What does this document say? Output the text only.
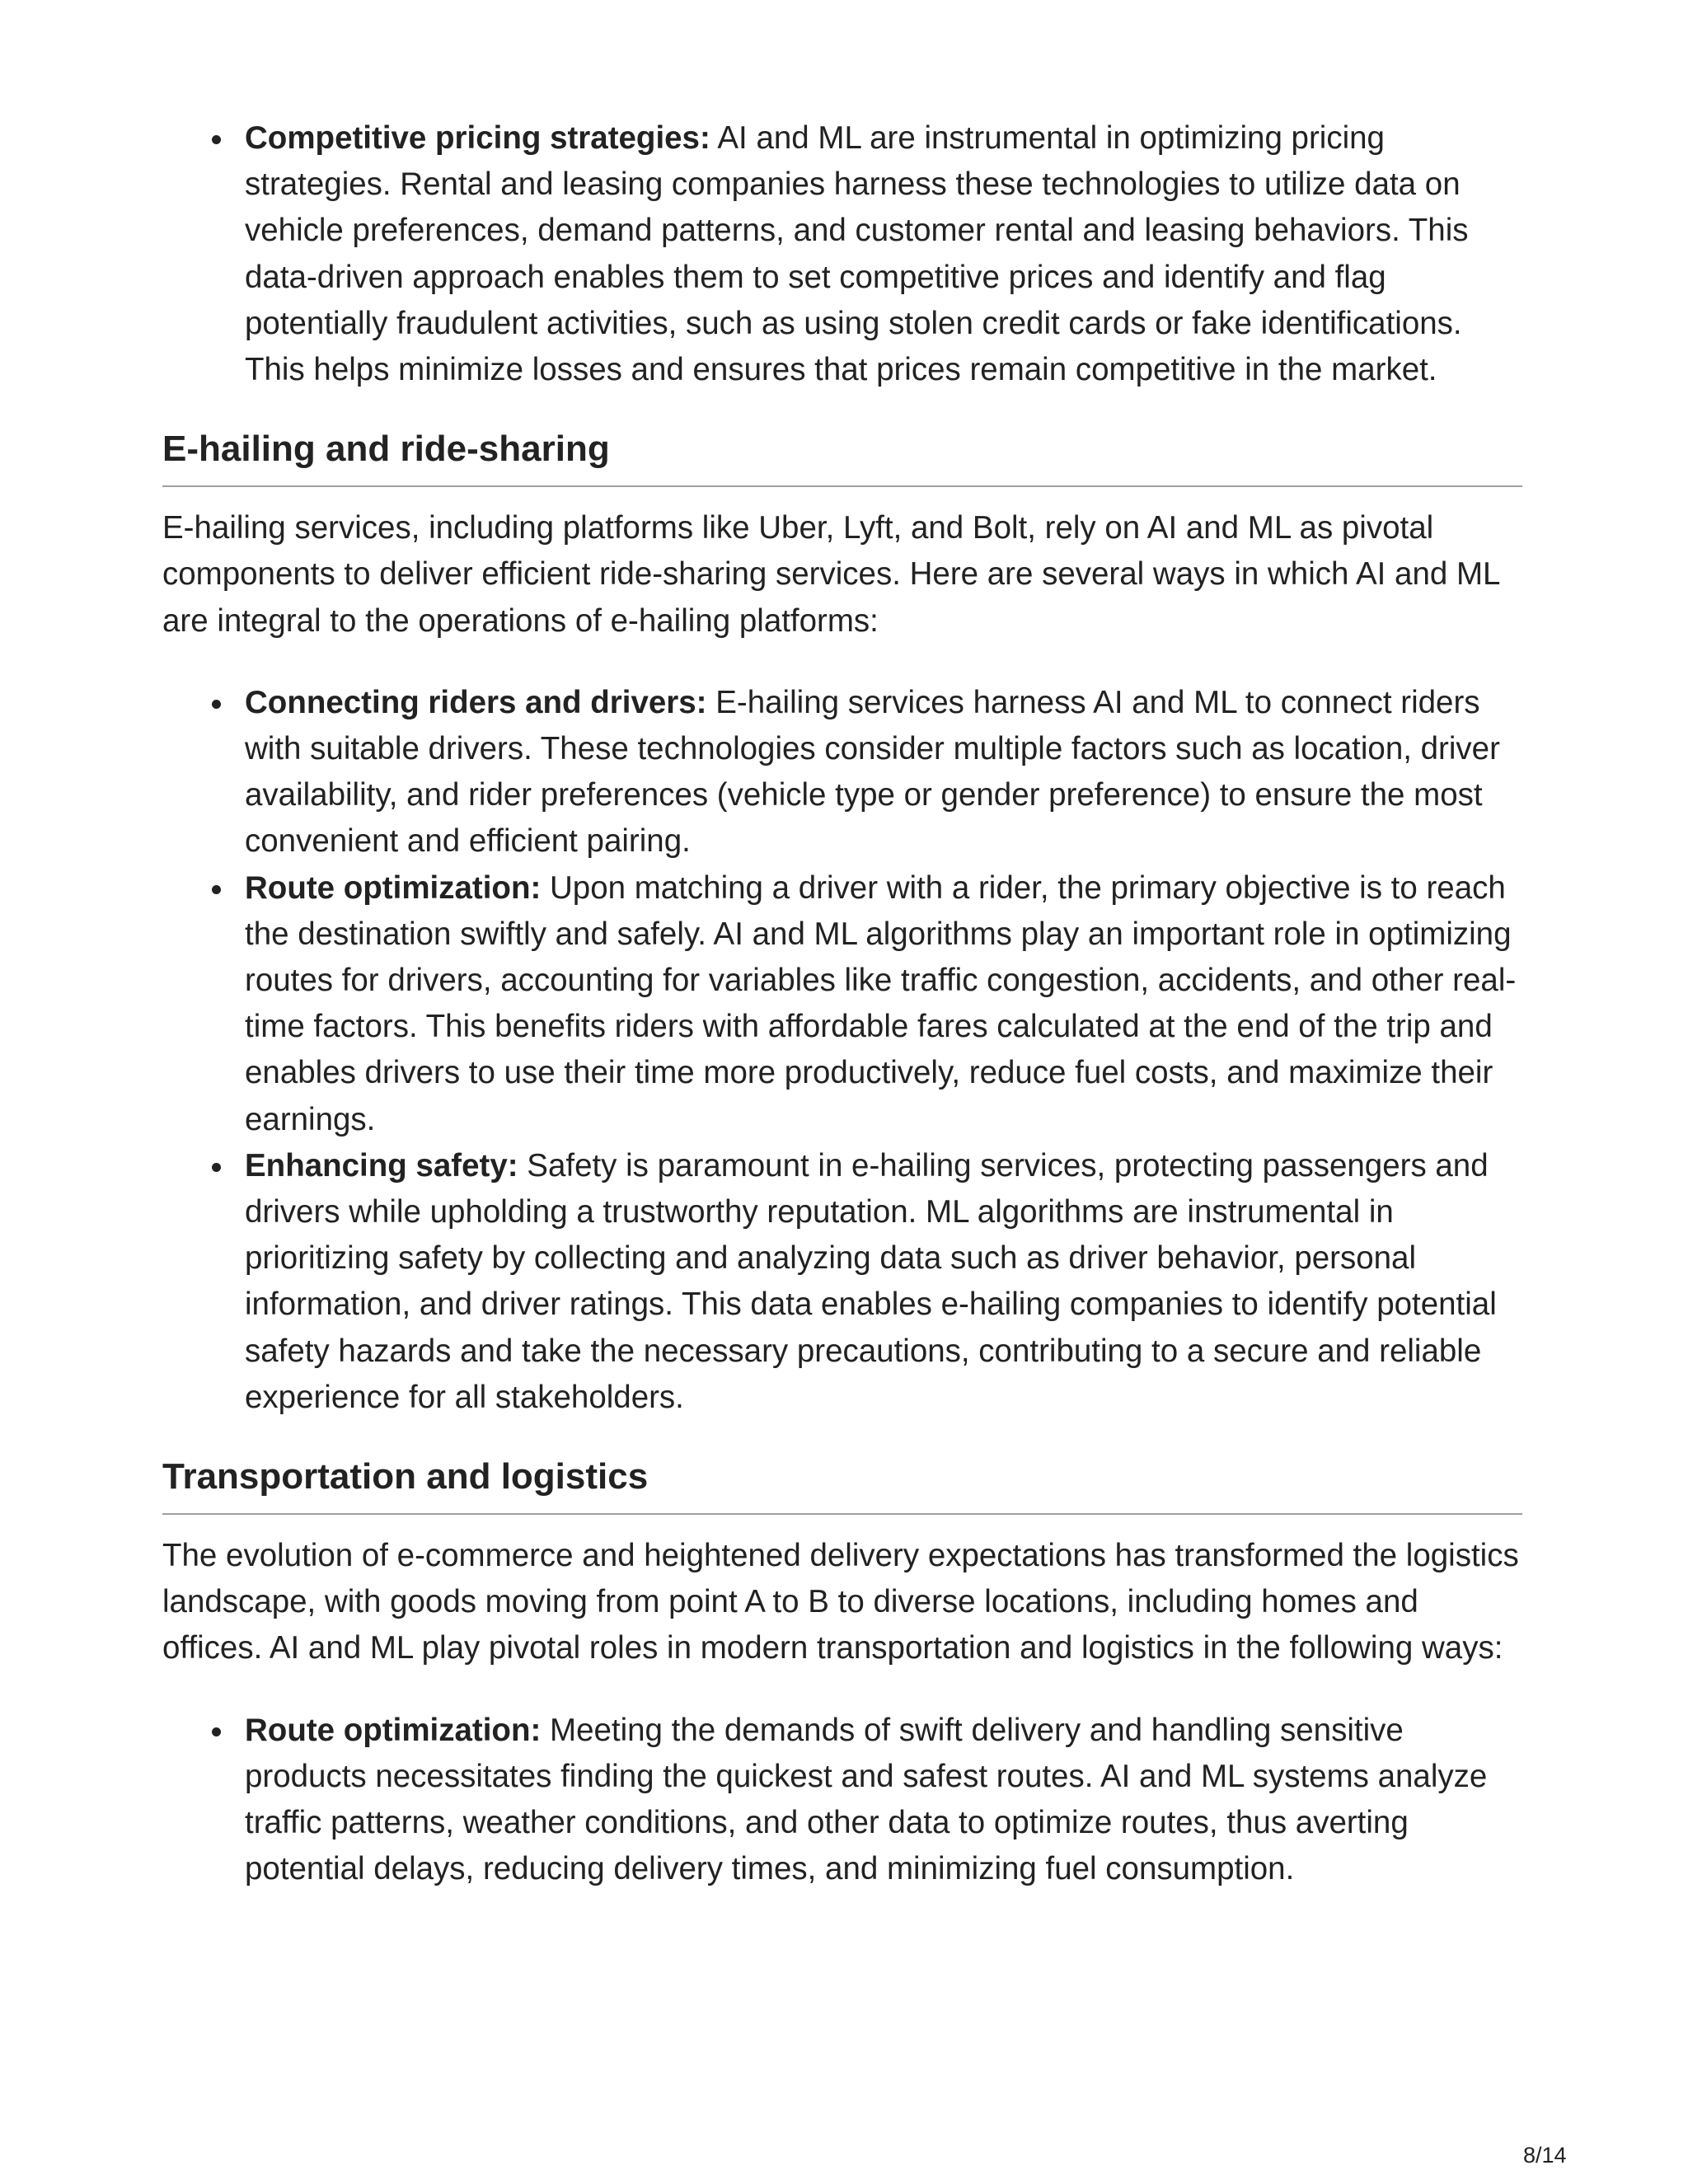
Competitive pricing strategies: AI and ML are instrumental in optimizing pricing strategies. Rental and leasing companies harness these technologies to utilize data on vehicle preferences, demand patterns, and customer rental and leasing behaviors. This data-driven approach enables them to set competitive prices and identify and flag potentially fraudulent activities, such as using stolen credit cards or fake identifications. This helps minimize losses and ensures that prices remain competitive in the market.
E-hailing and ride-sharing

E-hailing services, including platforms like Uber, Lyft, and Bolt, rely on AI and ML as pivotal components to deliver efficient ride-sharing services. Here are several ways in which AI and ML are integral to the operations of e-hailing platforms:

Connecting riders and drivers: E-hailing services harness AI and ML to connect riders with suitable drivers. These technologies consider multiple factors such as location, driver availability, and rider preferences (vehicle type or gender preference) to ensure the most convenient and efficient pairing.
Route optimization: Upon matching a driver with a rider, the primary objective is to reach the destination swiftly and safely. AI and ML algorithms play an important role in optimizing routes for drivers, accounting for variables like traffic congestion, accidents, and other real-time factors. This benefits riders with affordable fares calculated at the end of the trip and enables drivers to use their time more productively, reduce fuel costs, and maximize their earnings.
Enhancing safety: Safety is paramount in e-hailing services, protecting passengers and drivers while upholding a trustworthy reputation. ML algorithms are instrumental in prioritizing safety by collecting and analyzing data such as driver behavior, personal information, and driver ratings. This data enables e-hailing companies to identify potential safety hazards and take the necessary precautions, contributing to a secure and reliable experience for all stakeholders.
Transportation and logistics

The evolution of e-commerce and heightened delivery expectations has transformed the logistics landscape, with goods moving from point A to B to diverse locations, including homes and offices. AI and ML play pivotal roles in modern transportation and logistics in the following ways:

Route optimization: Meeting the demands of swift delivery and handling sensitive products necessitates finding the quickest and safest routes. AI and ML systems analyze traffic patterns, weather conditions, and other data to optimize routes, thus averting potential delays, reducing delivery times, and minimizing fuel consumption.
8/14
